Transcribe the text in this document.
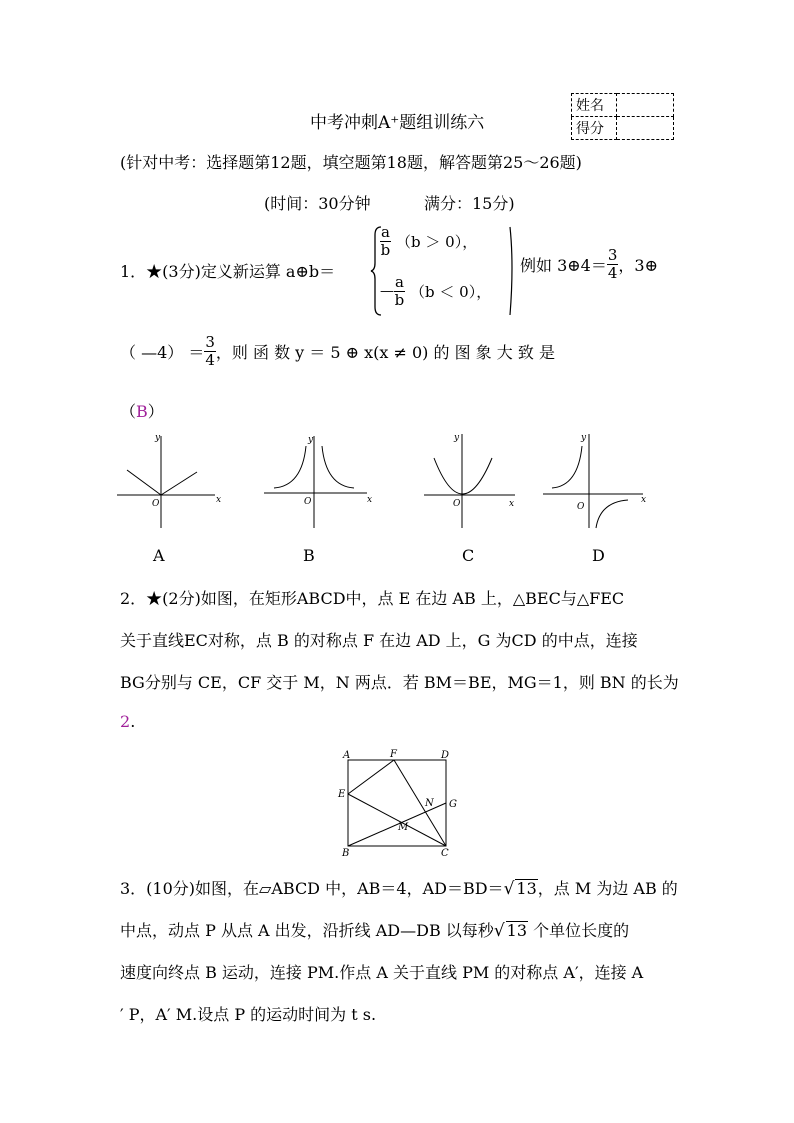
中考冲刺A⁺题组训练六
姓名	
得分	
(针对中考：选择题第12题，填空题第18题，解答题第25～26题)
(时间：30分钟	满分：15分)
1．★(3分)定义新运算 a⊕b＝
$\frac{a}{b} (b > 0)$，
— $\frac{a}{b} (b < 0)$，
例如 3⊕4＝ $\frac{3}{4}$ ，3⊕
（ —4） ＝ $\frac{3}{4}$ ，则 函 数 y ＝ 5 ⊕ x(x ≠ 0) 的 图 象 大 致 是
（B）
y
x
O
A
y
x
O
B
y
x
O
C
y
x
O
D
2．★(2分)如图，在矩形ABCD中，点 E 在边 AB 上，△BEC与△FEC
关于直线EC对称，点 B 的对称点 F 在边 AD 上，G 为CD 的中点，连接
BG分别与 CE，CF 交于 M，N 两点．若 BM＝BE，MG＝1，则 BN 的长为
2.
A	F	D
E
N G
M
B	C
3．(10分)如图，在▱ABCD 中，AB＝4，AD＝BD＝√ 13，点 M 为边 AB 的
中点，动点 P 从点 A 出发，沿折线 AD—DB 以每秒√ 13 个单位长度的
速度向终点 B 运动，连接 PM.作点 A 关于直线 PM 的对称点 A′，连接 A
′ P，A′ M.设点 P 的运动时间为 t s.
